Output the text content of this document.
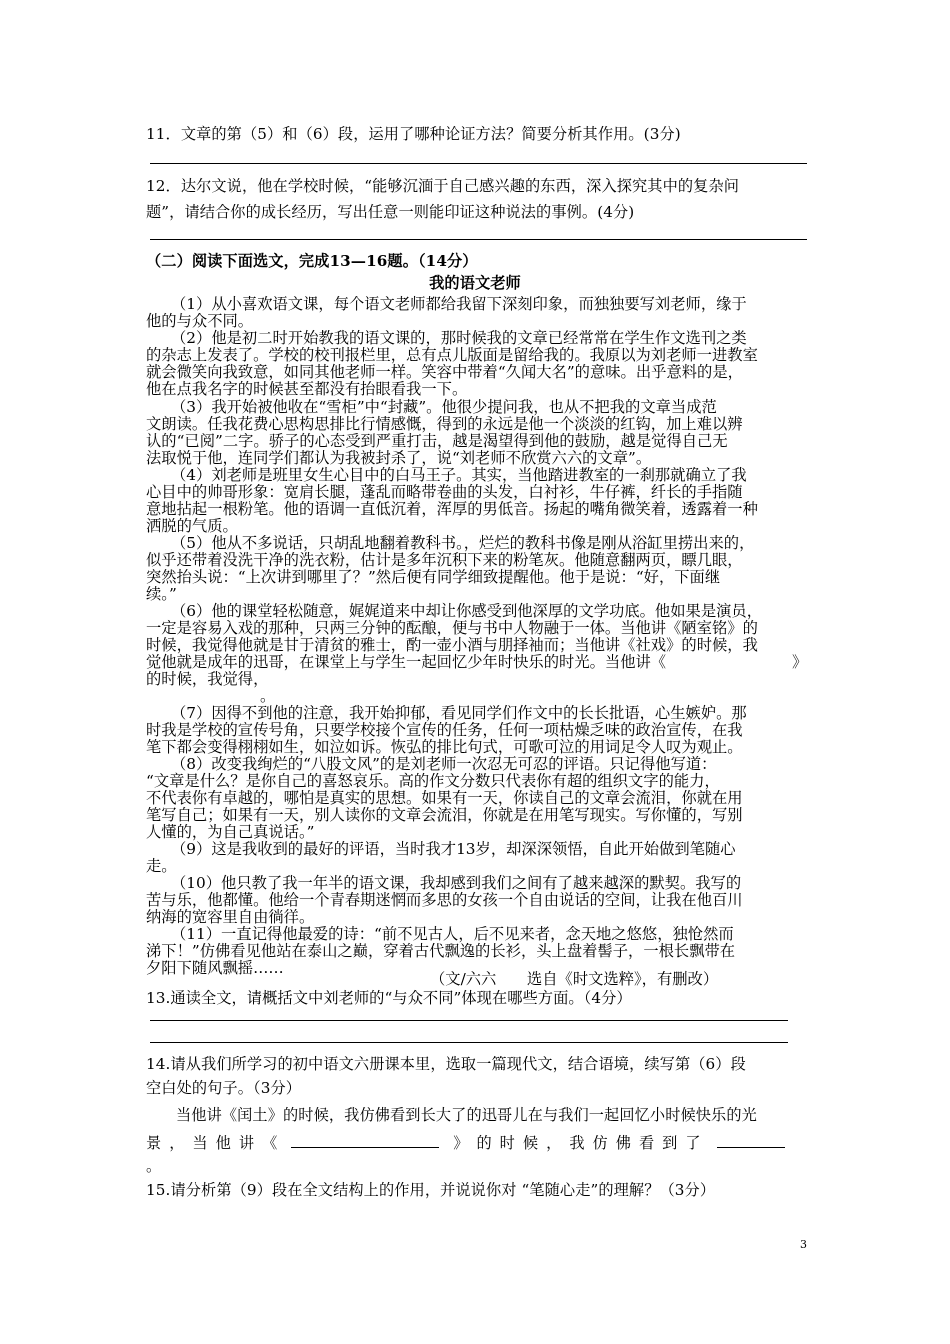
11．文章的第（5）和（6）段，运用了哪种论证方法？简要分析其作用。(3分)
12．达尔文说，他在学校时候，“能够沉湎于自己感兴趣的东西，深入探究其中的复杂问
题”，请结合你的成长经历，写出任意一则能印证这种说法的事例。(4分)
（二）阅读下面选文，完成13—16题。（14分）
我的语文老师
（1）从小喜欢语文课，每个语文老师都给我留下深刻印象，而独独要写刘老师，缘于
他的与众不同。
（2）他是初二时开始教我的语文课的，那时候我的文章已经常常在学生作文选刊之类
的杂志上发表了。学校的校刊报栏里，总有点儿版面是留给我的。我原以为刘老师一进教室
就会微笑向我致意，如同其他老师一样。笑容中带着“久闻大名”的意味。出乎意料的是，
他在点我名字的时候甚至都没有抬眼看我一下。
（3）我开始被他收在“雪柜”中“封藏”。他很少提问我，也从不把我的文章当成范
文朗读。任我花费心思构思排比行情感慨，得到的永远是他一个淡淡的红钩，加上难以辨
认的“已阅”二字。骄子的心态受到严重打击，越是渴望得到他的鼓励，越是觉得自己无
法取悦于他，连同学们都认为我被封杀了，说“刘老师不欣赏六六的文章”。
（4）刘老师是班里女生心目中的白马王子。其实，当他踏进教室的一刹那就确立了我
心目中的帅哥形象：宽肩长腿，蓬乱而略带卷曲的头发，白衬衫，牛仔裤，纤长的手指随
意地拈起一根粉笔。他的语调一直低沉着，浑厚的男低音。扬起的嘴角微笑着，透露着一种
洒脱的气质。
（5）他从不多说话，只胡乱地翻着教科书。，烂烂的教科书像是刚从浴缸里捞出来的，
似乎还带着没洗干净的洗衣粉，估计是多年沉积下来的粉笔灰。他随意翻两页，瞟几眼，
突然抬头说：“上次讲到哪里了？”然后便有同学细致提醒他。他于是说：“好，下面继
续。”
（6）他的课堂轻松随意，娓娓道来中却让你感受到他深厚的文学功底。他如果是演员，
一定是容易入戏的那种，只两三分钟的酝酿，便与书中人物融于一体。当他讲《陋室铭》的
时候，我觉得他就是甘于清贫的雅士，酌一壶小酒与朋择袖而；当他讲《社戏》的时候，我
觉他就是成年的迅哥，在课堂上与学生一起回忆少年时快乐的时光。当他讲《	》
的时候，我觉得，
。
（7）因得不到他的注意，我开始抑郁，看见同学们作文中的长长批语，心生嫉妒。那
时我是学校的宣传号角，只要学校接个宣传的任务，任何一项枯燥乏味的政治宣传，在我
笔下都会变得栩栩如生，如泣如诉。恢弘的排比句式，可歌可泣的用词足令人叹为观止。
（8）改变我绚烂的“八股文风”的是刘老师一次忍无可忍的评语。只记得他写道：
“文章是什么？是你自己的喜怒哀乐。高的作文分数只代表你有超的组织文字的能力，
不代表你有卓越的，哪怕是真实的思想。如果有一天，你读自己的文章会流泪，你就在用
笔写自己；如果有一天，别人读你的文章会流泪，你就是在用笔写现实。写你懂的，写别
人懂的，为自己真说话。”
（9）这是我收到的最好的评语，当时我才13岁，却深深领悟，自此开始做到笔随心
走。
（10）他只教了我一年半的语文课，我却感到我们之间有了越来越深的默契。我写的
苦与乐，他都懂。他给一个青春期迷惘而多思的女孩一个自由说话的空间，让我在他百川
纳海的宽容里自由徜徉。
（11）一直记得他最爱的诗：“前不见古人，后不见来者，念天地之悠悠，独怆然而
涕下！”仿佛看见他站在泰山之巅，穿着古代飘逸的长衫，头上盘着髻子，一根长飘带在
夕阳下随风飘摇……
（文/六六　　选自《时文选粹》，有删改）
13.通读全文，请概括文中刘老师的“与众不同”体现在哪些方面。（4分）
14.请从我们所学习的初中语文六册课本里，选取一篇现代文，结合语境，续写第（6）段
空白处的句子。（3分）
当他讲《闰土》的时候，我仿佛看到长大了的迅哥儿在与我们一起回忆小时候快乐的光
景 ， 当 他 讲 《	》 的 时 候 ， 我 仿 佛 看 到 了
。
15.请分析第（9）段在全文结构上的作用，并说说你对 “笔随心走”的理解？（3分）
3
